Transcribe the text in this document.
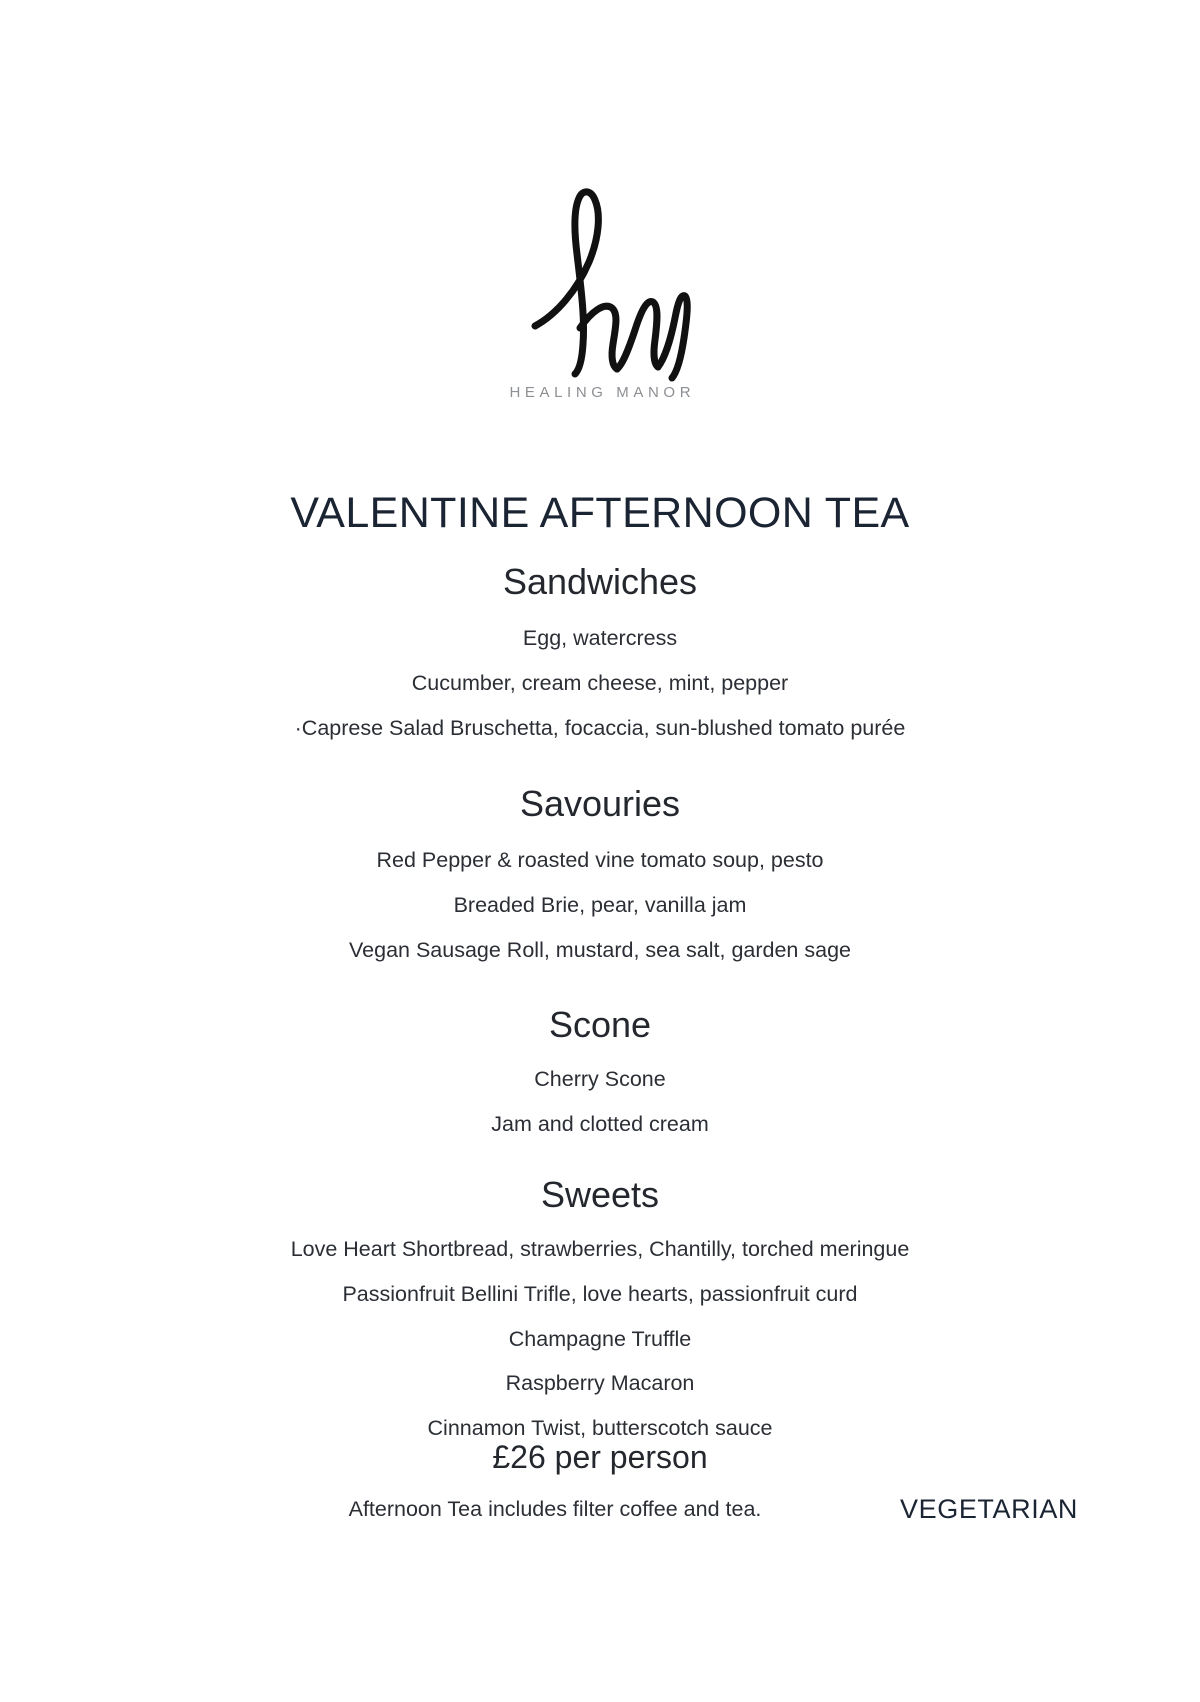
HEALING MANOR
VALENTINE AFTERNOON TEA
Sandwiches
Egg, watercress
Cucumber, cream cheese, mint, pepper
·Caprese Salad Bruschetta, focaccia, sun-blushed tomato purée
Savouries
Red Pepper & roasted vine tomato soup, pesto
Breaded Brie, pear, vanilla jam
Vegan Sausage Roll, mustard, sea salt, garden sage
Scone
Cherry Scone
Jam and clotted cream
Sweets
Love Heart Shortbread, strawberries, Chantilly, torched meringue
Passionfruit Bellini Trifle, love hearts, passionfruit curd
Champagne Truffle
Raspberry Macaron
Cinnamon Twist, butterscotch sauce
£26 per person
Afternoon Tea includes filter coffee and tea.	VEGETARIAN
